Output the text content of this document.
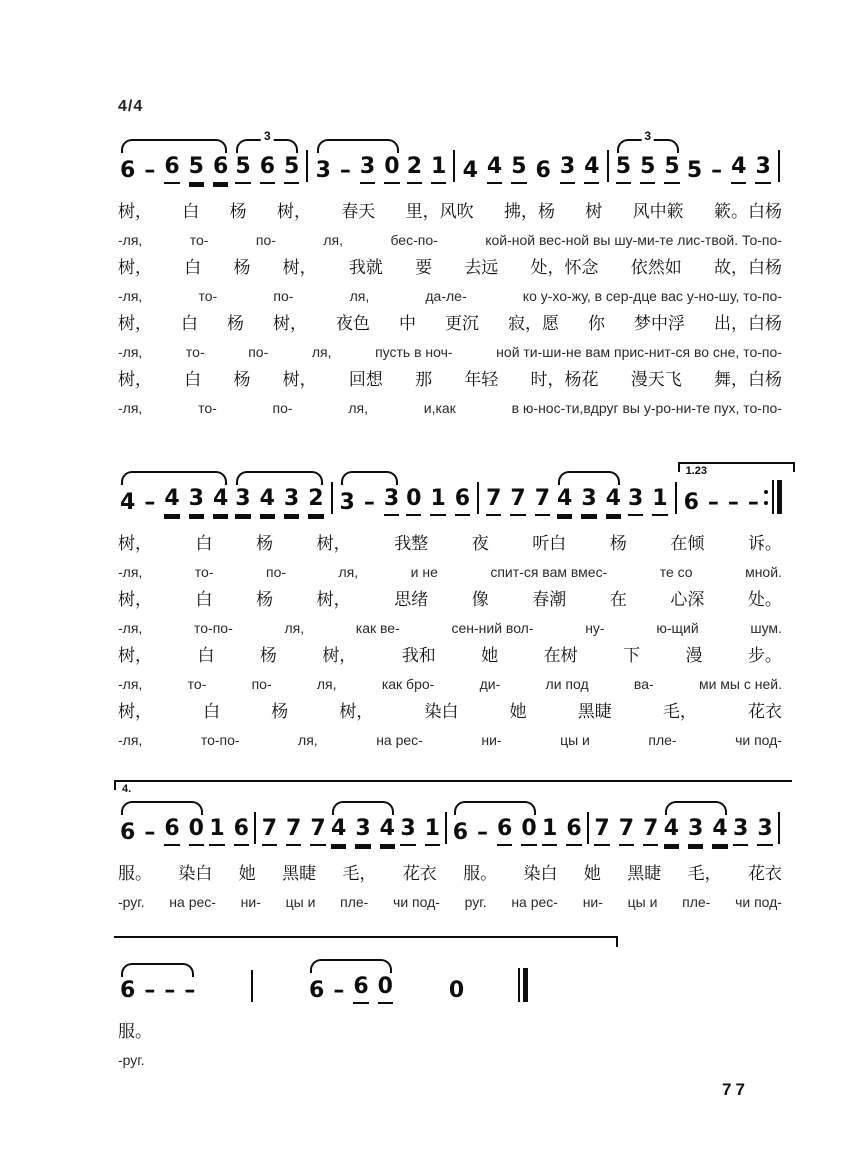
4/4
6 – 6 5 6
3
5 6 5 3 – 3 0 2 1 4 4 5 6 3 4
3
5 5 5 5 – 4 3
树， 白 杨 树， 春天 里，风吹 拂，杨 树 风中簌 簌。白杨
-ля,	то-	по-	ля,	бес-по-	кой-ной вес-ной вы шу-ми-те лис-твой. То-по-
树， 白 杨 树， 我就 要 去远 处，怀念 依然如 故，白杨
-ля,	то-	по-	ля,	да-ле-	ко у-хо-жу, в сер-дце вас у-но-шу, то-по-
树， 白 杨 树， 夜色 中 更沉 寂，愿 你 梦中浮 出，白杨
-ля,	то-	по-	ля,	пусть в ноч-	ной ти-ши-не вам прис-нит-ся во сне, то-по-
树， 白 杨 树， 回想 那 年轻 时，杨花 漫天飞 舞，白杨
-ля,	то-	по-	ля,	и,как	в ю-нос-ти,вдруг вы у-ро-ни-те пух, то-по-
4 – 4 3 4 3 4 3 2 3 – 3 0 1 6 7 7 7 4 3 4 3 1
1.23
6 – – –
树，	白	杨	树，	我整	夜	听白	杨	在倾	诉。
-ля,	то-	по-	ля,	и не	спит-ся вам вмес-	те со	мной.
树，	白	杨	树，	思绪	像	春潮	在	心深	处。
-ля,	то-по-	ля,	как ве-	сен-ний вол-	ну-	ю-щий	шум.
树，	白	杨	树，	我和	她	在树	下	漫	步。
-ля,	то-	по-	ля,	как бро-	ди-	ли под	ва-	ми мы с ней.
树，	白	杨	树，	染白	她	黑睫	毛，	花衣
-ля,	то-по-	ля,	на рес-	ни-	цы и	пле-	чи под-
4.
6 – 6 0 1 6 7 7 7 4 3 4 3 1 6 – 6 0 1 6 7 7 7 4 3 4 3 3
服。 染白 她 黑睫 毛， 花衣 服。 染白 她 黑睫 毛， 花衣
-руг. на рес- ни- цы и пле- чи под- руг. на рес- ни- цы и пле- чи под-
6 – – –	6 – 6 0	0
服。
-руг.
77
